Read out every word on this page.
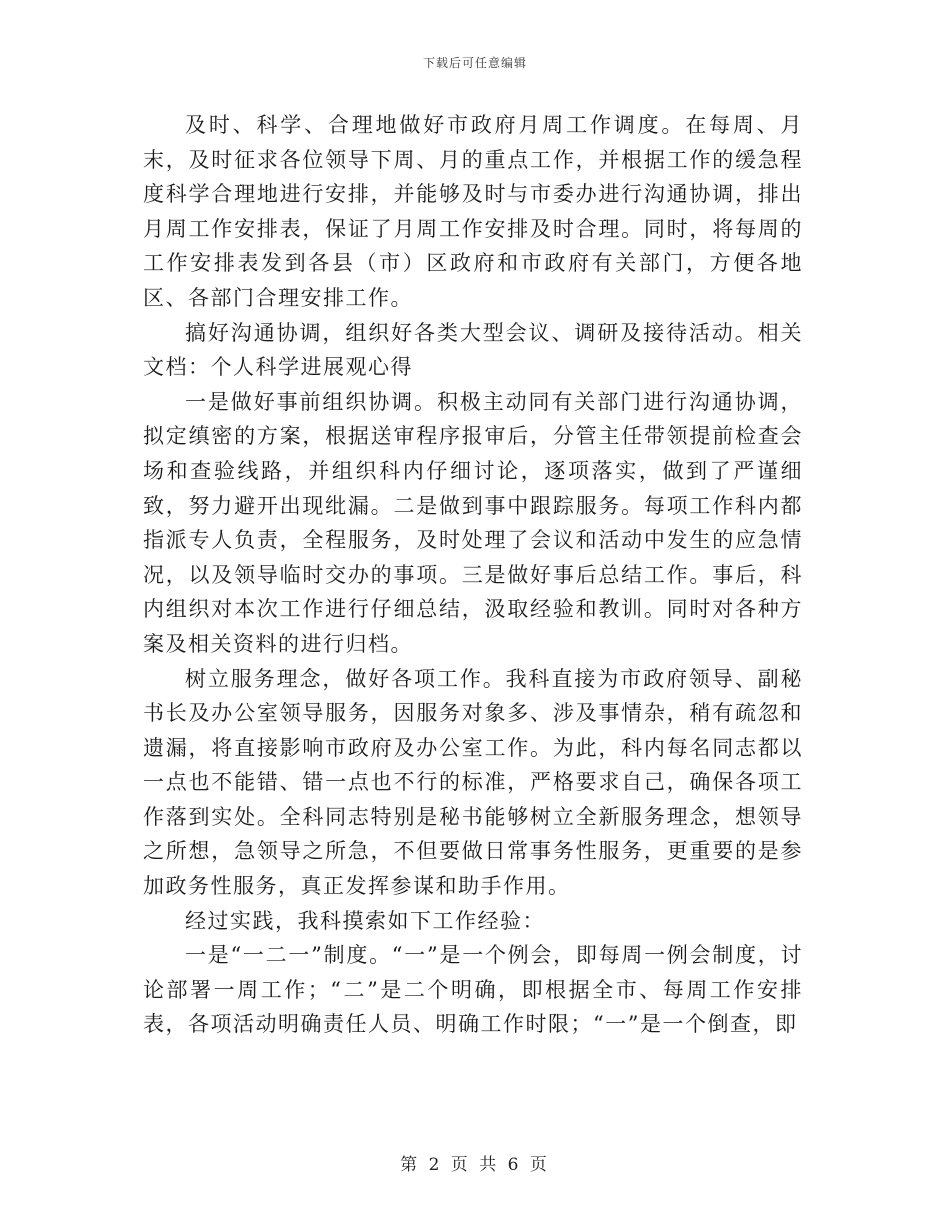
下载后可任意编辑

及时、科学、合理地做好市政府月周工作调度。在每周、月末，及时征求各位领导下周、月的重点工作，并根据工作的缓急程度科学合理地进行安排，并能够及时与市委办进行沟通协调，排出月周工作安排表，保证了月周工作安排及时合理。同时，将每周的工作安排表发到各县（市）区政府和市政府有关部门，方便各地区、各部门合理安排工作。

搞好沟通协调，组织好各类大型会议、调研及接待活动。相关文档：个人科学进展观心得

一是做好事前组织协调。积极主动同有关部门进行沟通协调，拟定缜密的方案，根据送审程序报审后，分管主任带领提前检查会场和查验线路，并组织科内仔细讨论，逐项落实，做到了严谨细致，努力避开出现纰漏。二是做到事中跟踪服务。每项工作科内都指派专人负责，全程服务，及时处理了会议和活动中发生的应急情况，以及领导临时交办的事项。三是做好事后总结工作。事后，科内组织对本次工作进行仔细总结，汲取经验和教训。同时对各种方案及相关资料的进行归档。

树立服务理念，做好各项工作。我科直接为市政府领导、副秘书长及办公室领导服务，因服务对象多、涉及事情杂，稍有疏忽和遗漏，将直接影响市政府及办公室工作。为此，科内每名同志都以一点也不能错、错一点也不行的标准，严格要求自己，确保各项工作落到实处。全科同志特别是秘书能够树立全新服务理念，想领导之所想，急领导之所急，不但要做日常事务性服务，更重要的是参加政务性服务，真正发挥参谋和助手作用。

经过实践，我科摸索如下工作经验：

一是“一二一”制度。“一”是一个例会，即每周一例会制度，讨论部署一周工作；“二”是二个明确，即根据全市、每周工作安排表，各项活动明确责任人员、明确工作时限；“一”是一个倒查，即

第 2 页 共 6 页
